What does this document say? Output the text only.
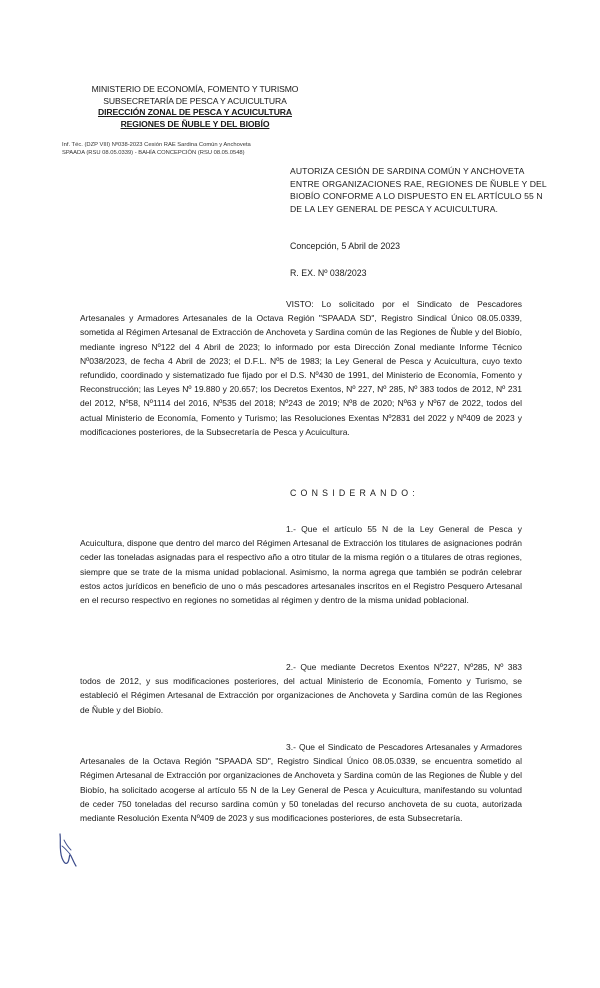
MINISTERIO DE ECONOMÍA, FOMENTO Y TURISMO
SUBSECRETARÍA DE PESCA Y ACUICULTURA
DIRECCIÓN ZONAL DE PESCA Y ACUICULTURA
REGIONES DE ÑUBLE Y DEL BIOBÍO
Inf. Téc. (DZP VIII) Nº038-2023 Cesión RAE Sardina Común y Anchoveta
SPAADA (RSU 08.05.0339) - BAHÍA CONCEPCIÓN (RSU 08.05.0548)
AUTORIZA CESIÓN DE SARDINA COMÚN Y ANCHOVETA ENTRE ORGANIZACIONES RAE, REGIONES DE ÑUBLE Y DEL BIOBÍO CONFORME A LO DISPUESTO EN EL ARTÍCULO 55 N DE LA LEY GENERAL DE PESCA Y ACUICULTURA.
Concepción, 5 Abril de 2023
R. EX. Nº 038/2023
VISTO: Lo solicitado por el Sindicato de Pescadores Artesanales y Armadores Artesanales de la Octava Región "SPAADA SD", Registro Sindical Único 08.05.0339, sometida al Régimen Artesanal de Extracción de Anchoveta y Sardina común de las Regiones de Ñuble y del Biobío, mediante ingreso Nº122 del 4 Abril de 2023; lo informado por esta Dirección Zonal mediante Informe Técnico Nº038/2023, de fecha 4 Abril de 2023; el D.F.L. Nº5 de 1983; la Ley General de Pesca y Acuicultura, cuyo texto refundido, coordinado y sistematizado fue fijado por el D.S. Nº430 de 1991, del Ministerio de Economía, Fomento y Reconstrucción; las Leyes Nº 19.880 y 20.657; los Decretos Exentos, Nº 227, Nº 285, Nº 383 todos de 2012, Nº 231 del 2012, Nº58, Nº1114 del 2016, Nº535 del 2018; Nº243 de 2019; Nº8 de 2020; Nº63 y Nº67 de 2022, todos del actual Ministerio de Economía, Fomento y Turismo; las Resoluciones Exentas Nº2831 del 2022 y Nº409 de 2023 y modificaciones posteriores, de la Subsecretaría de Pesca y Acuicultura.
CONSIDERANDO:
1.- Que el artículo 55 N de la Ley General de Pesca y Acuicultura, dispone que dentro del marco del Régimen Artesanal de Extracción los titulares de asignaciones podrán ceder las toneladas asignadas para el respectivo año a otro titular de la misma región o a titulares de otras regiones, siempre que se trate de la misma unidad poblacional. Asimismo, la norma agrega que también se podrán celebrar estos actos jurídicos en beneficio de uno o más pescadores artesanales inscritos en el Registro Pesquero Artesanal en el recurso respectivo en regiones no sometidas al régimen y dentro de la misma unidad poblacional.
2.- Que mediante Decretos Exentos Nº227, Nº285, Nº 383 todos de 2012, y sus modificaciones posteriores, del actual Ministerio de Economía, Fomento y Turismo, se estableció el Régimen Artesanal de Extracción por organizaciones de Anchoveta y Sardina común de las Regiones de Ñuble y del Biobío.
3.- Que el Sindicato de Pescadores Artesanales y Armadores Artesanales de la Octava Región "SPAADA SD", Registro Sindical Único 08.05.0339, se encuentra sometido al Régimen Artesanal de Extracción por organizaciones de Anchoveta y Sardina común de las Regiones de Ñuble y del Biobío, ha solicitado acogerse al artículo 55 N de la Ley General de Pesca y Acuicultura, manifestando su voluntad de ceder 750 toneladas del recurso sardina común y 50 toneladas del recurso anchoveta de su cuota, autorizada mediante Resolución Exenta Nº409 de 2023 y sus modificaciones posteriores, de esta Subsecretaría.
